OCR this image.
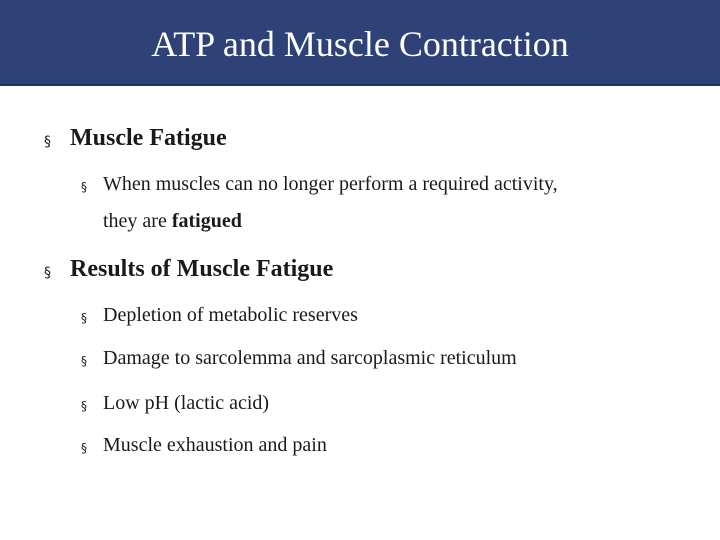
ATP and Muscle Contraction
§ Muscle Fatigue
§ When muscles can no longer perform a required activity,
they are fatigued
§ Results of Muscle Fatigue
§ Depletion of metabolic reserves
§ Damage to sarcolemma and sarcoplasmic reticulum
§ Low pH (lactic acid)
§ Muscle exhaustion and pain
